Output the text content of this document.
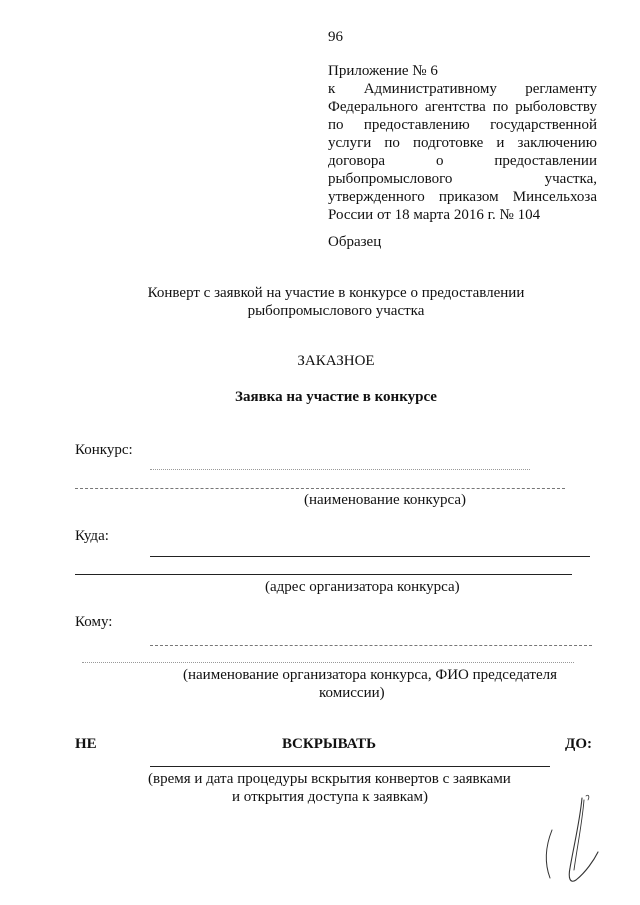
96
Приложение № 6
к Административному регламенту
Федерального агентства по рыболовству
по предоставлению государственной
услуги по подготовке и заключению
договора о предоставлении
рыбопромыслового участка,
утвержденного приказом Минсельхоза
России от 18 марта 2016 г. № 104
Образец
Конверт с заявкой на участие в конкурсе о предоставлении
рыбопромыслового участка
ЗАКАЗНОЕ
Заявка на участие в конкурсе
Конкурс:
(наименование конкурса)
Куда:
(адрес организатора конкурса)
Кому:
(наименование организатора конкурса, ФИО председателя
комиссии)
НЕ	ВСКРЫВАТЬ	ДО:
(время и дата процедуры вскрытия конвертов с заявками
и открытия доступа к заявкам)
